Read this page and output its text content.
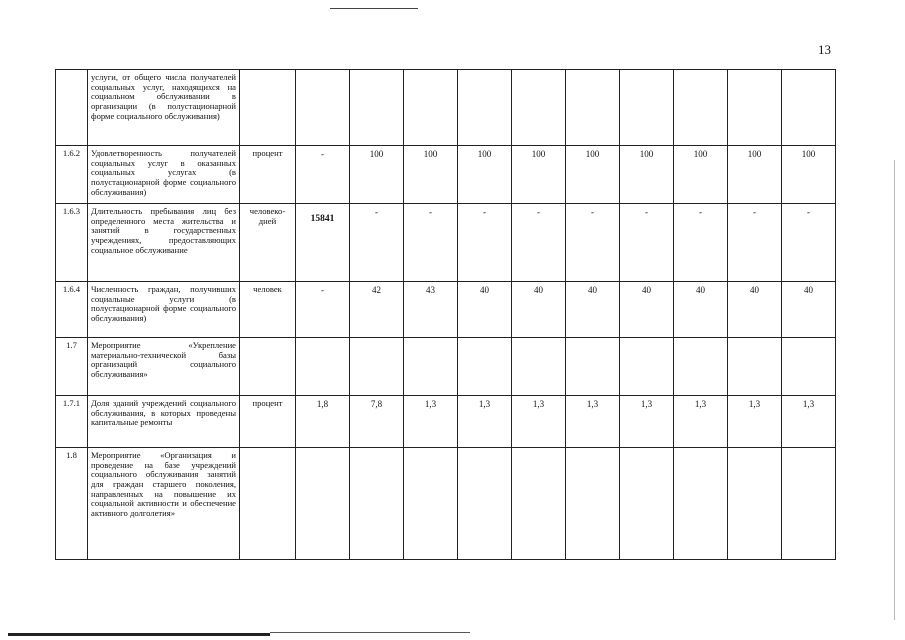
13
	услуги, от общего числа получателей социальных услуг, находящихся на социальном обслуживании в организации (в полустационарной форме социального обслуживания)											
1.6.2	Удовлетворенность получателей социальных услуг в оказанных социальных услугах (в полустационарной форме социального обслуживания)	процент	-	100	100	100	100	100	100	100	100	100
1.6.3	Длительность пребывания лиц без определенного места жительства и занятий в государственных учреждениях, предоставляющих социальное обслуживание	человеко-дней	15841	-	-	-	-	-	-	-	-	-
1.6.4	Численность граждан, получивших социальные услуги (в полустационарной форме социального обслуживания)	человек	-	42	43	40	40	40	40	40	40	40
1.7	Мероприятие «Укрепление материально-технической базы организаций социального обслуживания»											
1.7.1	Доля зданий учреждений социального обслуживания, в которых проведены капитальные ремонты	процент	1,8	7,8	1,3	1,3	1,3	1,3	1,3	1,3	1,3	1,3
1.8	Мероприятие «Организация и проведение на базе учреждений социального обслуживания занятий для граждан старшего поколения, направленных на повышение их социальной активности и обеспечение активного долголетия»											
